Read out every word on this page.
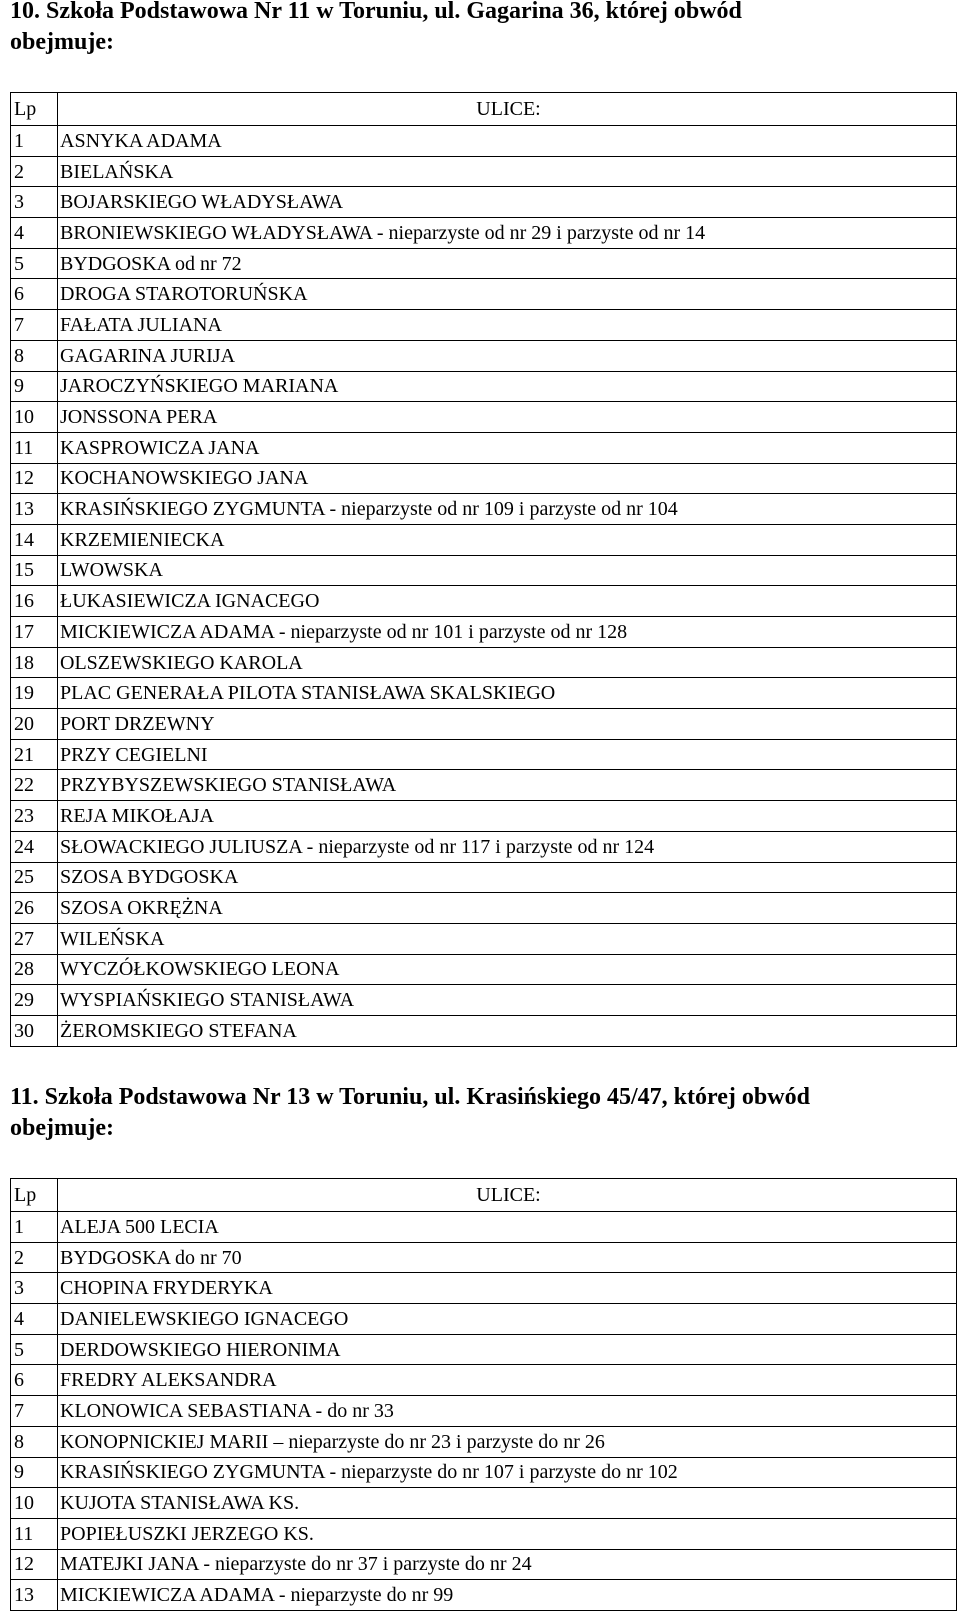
10. Szkoła Podstawowa Nr 11 w Toruniu, ul. Gagarina 36, której obwód
obejmuje:
Lp	ULICE:
1	ASNYKA ADAMA
2	BIELAŃSKA
3	BOJARSKIEGO WŁADYSŁAWA
4	BRONIEWSKIEGO WŁADYSŁAWA - nieparzyste od nr 29 i parzyste od nr 14
5	BYDGOSKA od nr 72
6	DROGA STAROTORUŃSKA
7	FAŁATA JULIANA
8	GAGARINA JURIJA
9	JAROCZYŃSKIEGO MARIANA
10	JONSSONA PERA
11	KASPROWICZA JANA
12	KOCHANOWSKIEGO JANA
13	KRASIŃSKIEGO ZYGMUNTA - nieparzyste od nr 109 i parzyste od nr 104
14	KRZEMIENIECKA
15	LWOWSKA
16	ŁUKASIEWICZA IGNACEGO
17	MICKIEWICZA ADAMA - nieparzyste od nr 101 i parzyste od nr 128
18	OLSZEWSKIEGO KAROLA
19	PLAC GENERAŁA PILOTA STANISŁAWA SKALSKIEGO
20	PORT DRZEWNY
21	PRZY CEGIELNI
22	PRZYBYSZEWSKIEGO STANISŁAWA
23	REJA MIKOŁAJA
24	SŁOWACKIEGO JULIUSZA - nieparzyste od nr 117 i parzyste od nr 124
25	SZOSA BYDGOSKA
26	SZOSA OKRĘŻNA
27	WILEŃSKA
28	WYCZÓŁKOWSKIEGO LEONA
29	WYSPIAŃSKIEGO STANISŁAWA
30	ŻEROMSKIEGO STEFANA
11. Szkoła Podstawowa Nr 13 w Toruniu, ul. Krasińskiego 45/47, której obwód
obejmuje:
Lp	ULICE:
1	ALEJA 500 LECIA
2	BYDGOSKA do nr 70
3	CHOPINA FRYDERYKA
4	DANIELEWSKIEGO IGNACEGO
5	DERDOWSKIEGO HIERONIMA
6	FREDRY ALEKSANDRA
7	KLONOWICA SEBASTIANA - do nr 33
8	KONOPNICKIEJ MARII – nieparzyste do nr 23 i parzyste do nr 26
9	KRASIŃSKIEGO ZYGMUNTA - nieparzyste do nr 107 i parzyste do nr 102
10	KUJOTA STANISŁAWA KS.
11	POPIEŁUSZKI JERZEGO KS.
12	MATEJKI JANA - nieparzyste do nr 37 i parzyste do nr 24
13	MICKIEWICZA ADAMA - nieparzyste do nr 99
